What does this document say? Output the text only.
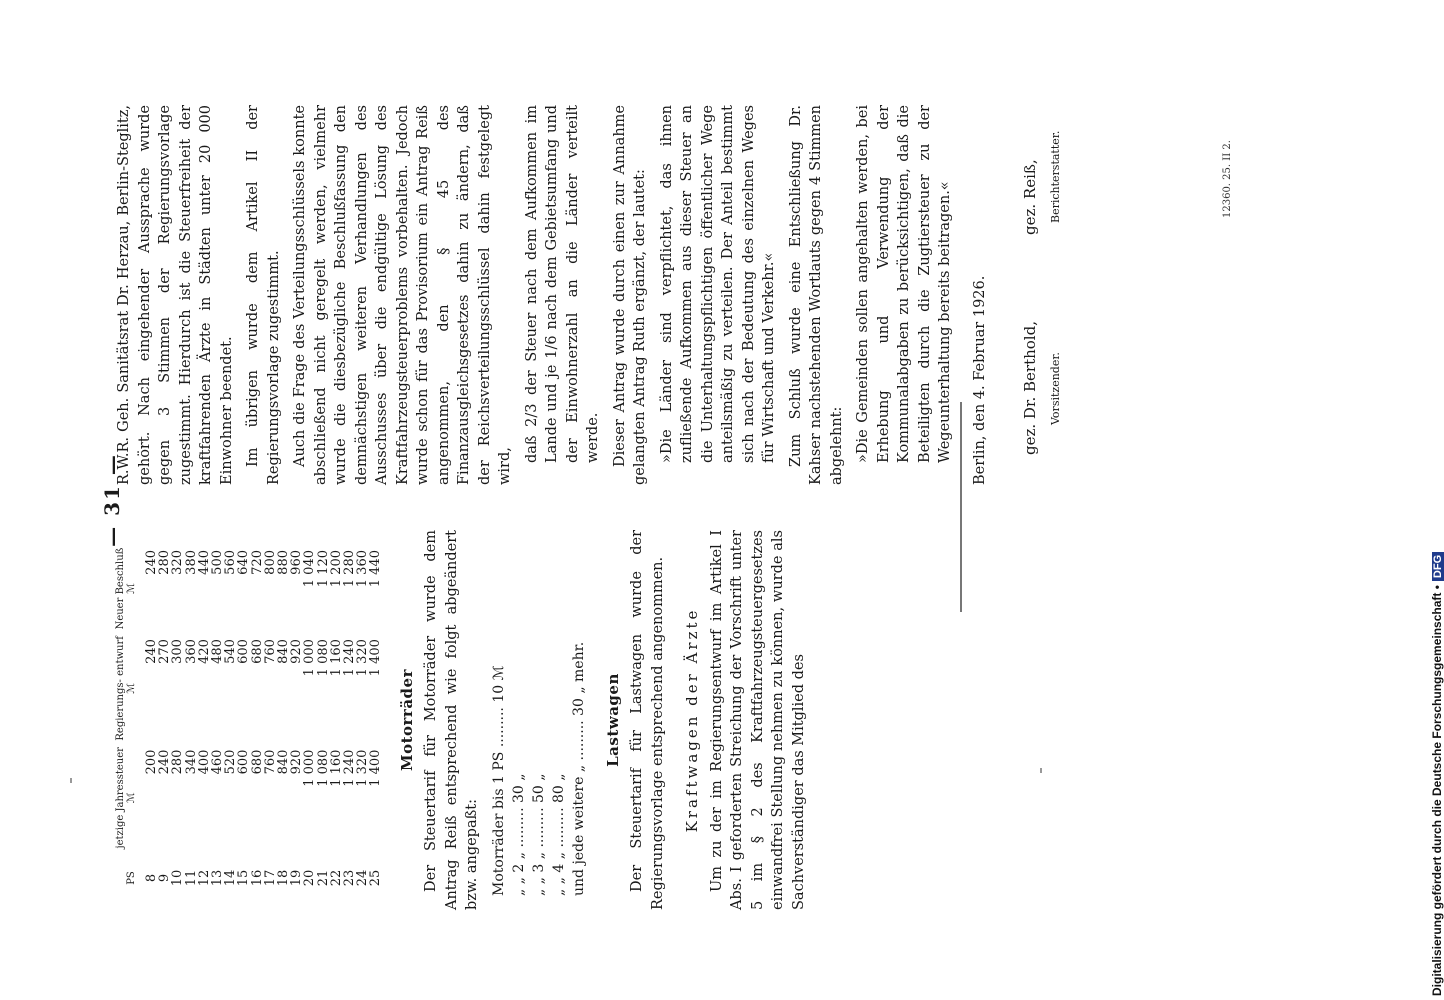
— 31 —
PS	jetzige Jahressteuer ℳ	Regierungs- entwurf ℳ	Neuer Beschluß ℳ
8	200	240	240
9	240	270	280
10	280	300	320
11	340	360	380
12	400	420	440
13	460	480	500
14	520	540	560
15	600	600	640
16	680	680	720
17	760	760	800
18	840	840	880
19	920	920	960
20	1 000	1 000	1 040
21	1 080	1 080	1 120
22	1 160	1 160	1 200
23	1 240	1 240	1 280
24	1 320	1 320	1 360
25	1 400	1 400	1 440
Motorräder Der Steuertarif für Motorräder wurde dem Antrag Reiß entsprechend wie folgt abgeändert bzw. angepaßt: Motorräder bis 1 PS ......... 10 ℳ „ „ 2 „ ......... 30 „ „ „ 3 „ ......... 50 „ „ „ 4 „ ......... 80 „ und jede weitere „ ......... 30 „ mehr. Lastwagen Der Steuertarif für Lastwagen wurde der Regierungsvorlage entsprechend angenommen. Kraftwagen der Ärzte Um zu der im Regierungsentwurf im Artikel I Abs. I geforderten Streichung der Vorschrift unter 5 im § 2 des Kraftfahrzeugsteuergesetzes einwandfrei Stellung nehmen zu können, wurde als Sachverständiger das Mitglied des

R.W.R. Geh. Sanitätsrat Dr. Herzau, Berlin-Steglitz, gehört. Nach eingehender Aussprache wurde gegen 3 Stimmen der Regierungsvorlage zugestimmt. Hierdurch ist die Steuerfreiheit der kraftfahrenden Ärzte in Städten unter 20 000 Einwohner beendet. Im übrigen wurde dem Artikel II der Regierungsvorlage zugestimmt. Auch die Frage des Verteilungsschlüssels konnte abschließend nicht geregelt werden, vielmehr wurde die diesbezügliche Beschlußfassung den demnächstigen weiteren Verhandlungen des Ausschusses über die endgültige Lösung des Kraftfahrzeugsteuerproblems vorbehalten. Jedoch wurde schon für das Provisorium ein Antrag Reiß angenommen, den § 45 des Finanzausgleichsgesetzes dahin zu ändern, daß der Reichsverteilungsschlüssel dahin festgelegt wird,

daß 2/3 der Steuer nach dem Aufkommen im Lande und je 1/6 nach dem Gebietsumfang und der Einwohnerzahl an die Länder verteilt werde. Dieser Antrag wurde durch einen zur Annahme gelangten Antrag Ruth ergänzt, der lautet: »Die Länder sind verpflichtet, das ihnen zufließende Aufkommen aus dieser Steuer an die Unterhaltungspflichtigen öffentlicher Wege anteilsmäßig zu verteilen. Der Anteil bestimmt sich nach der Bedeutung des einzelnen Weges für Wirtschaft und Verkehr.« Zum Schluß wurde eine Entschließung Dr. Kahser nachstehenden Wortlauts gegen 4 Stimmen abgelehnt: »Die Gemeinden sollen angehalten werden, bei Erhebung und Verwendung der Kommunalabgaben zu berücksichtigen, daß die Beteiligten durch die Zugtiersteuer zu der Wegeunterhaltung bereits beitragen.« Berlin, den 4. Februar 1926. gez. Dr. Berthold,
gez. Reiß,
Vorsitzender.
Berichterstatter.	12360. 25. II 2.
Digitalisierung gefördert durch die Deutsche Forschungsgemeinschaft •DFG
